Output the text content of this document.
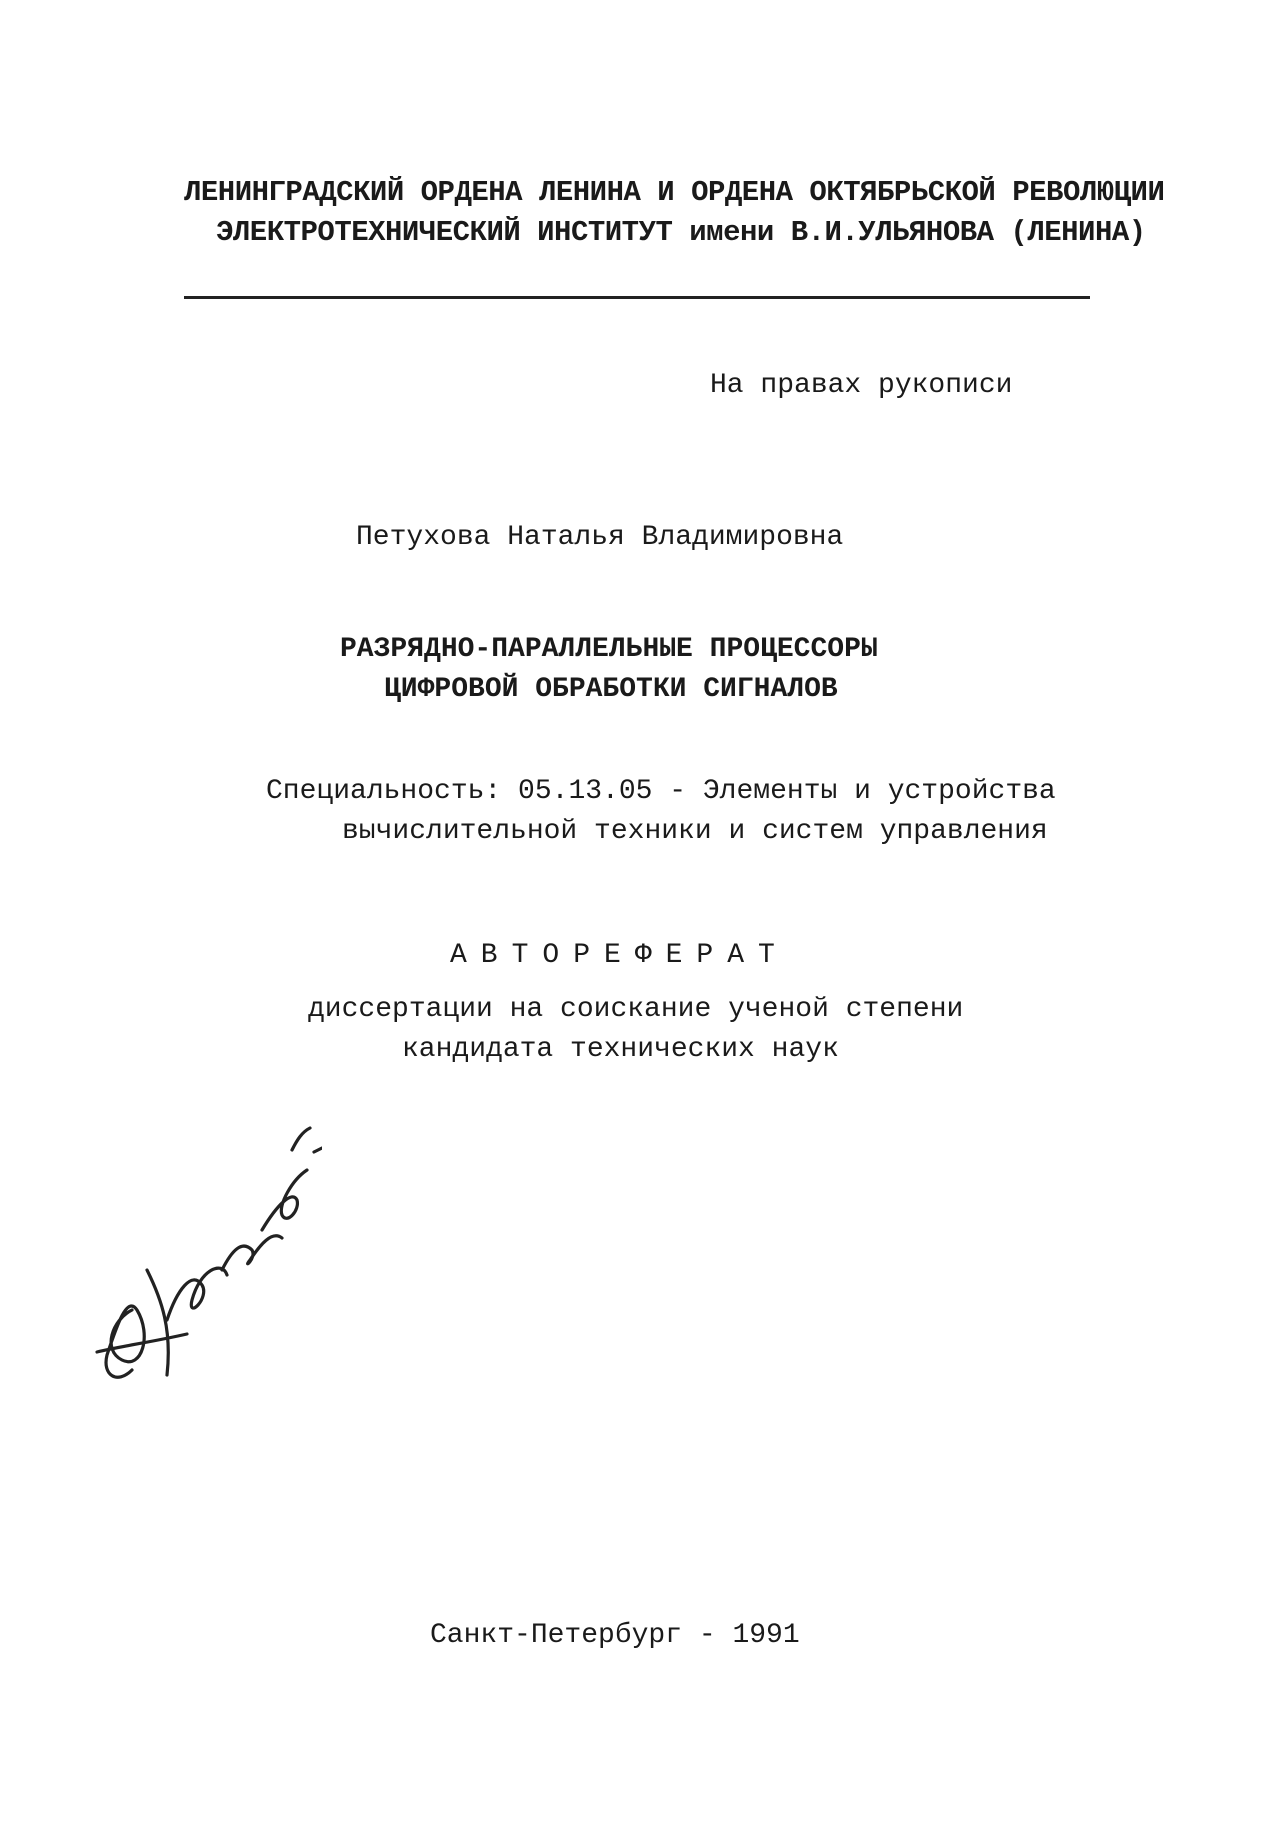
ЛЕНИНГРАДСКИЙ ОРДЕНА ЛЕНИНА И ОРДЕНА ОКТЯБРЬСКОЙ РЕВОЛЮЦИИ
ЭЛЕКТРОТЕХНИЧЕСКИЙ ИНСТИТУТ имени В.И.УЛЬЯНОВА (ЛЕНИНА)
На правах рукописи
Петухова Наталья Владимировна
РАЗРЯДНО-ПАРАЛЛЕЛЬНЫЕ ПРОЦЕССОРЫ
ЦИФРОВОЙ ОБРАБОТКИ СИГНАЛОВ
Специальность: 05.13.05 - Элементы и устройства
вычислительной техники и систем управления
АВТОРЕФЕРАТ
диссертации на соискание ученой степени
кандидата технических наук
Санкт-Петербург - 1991
